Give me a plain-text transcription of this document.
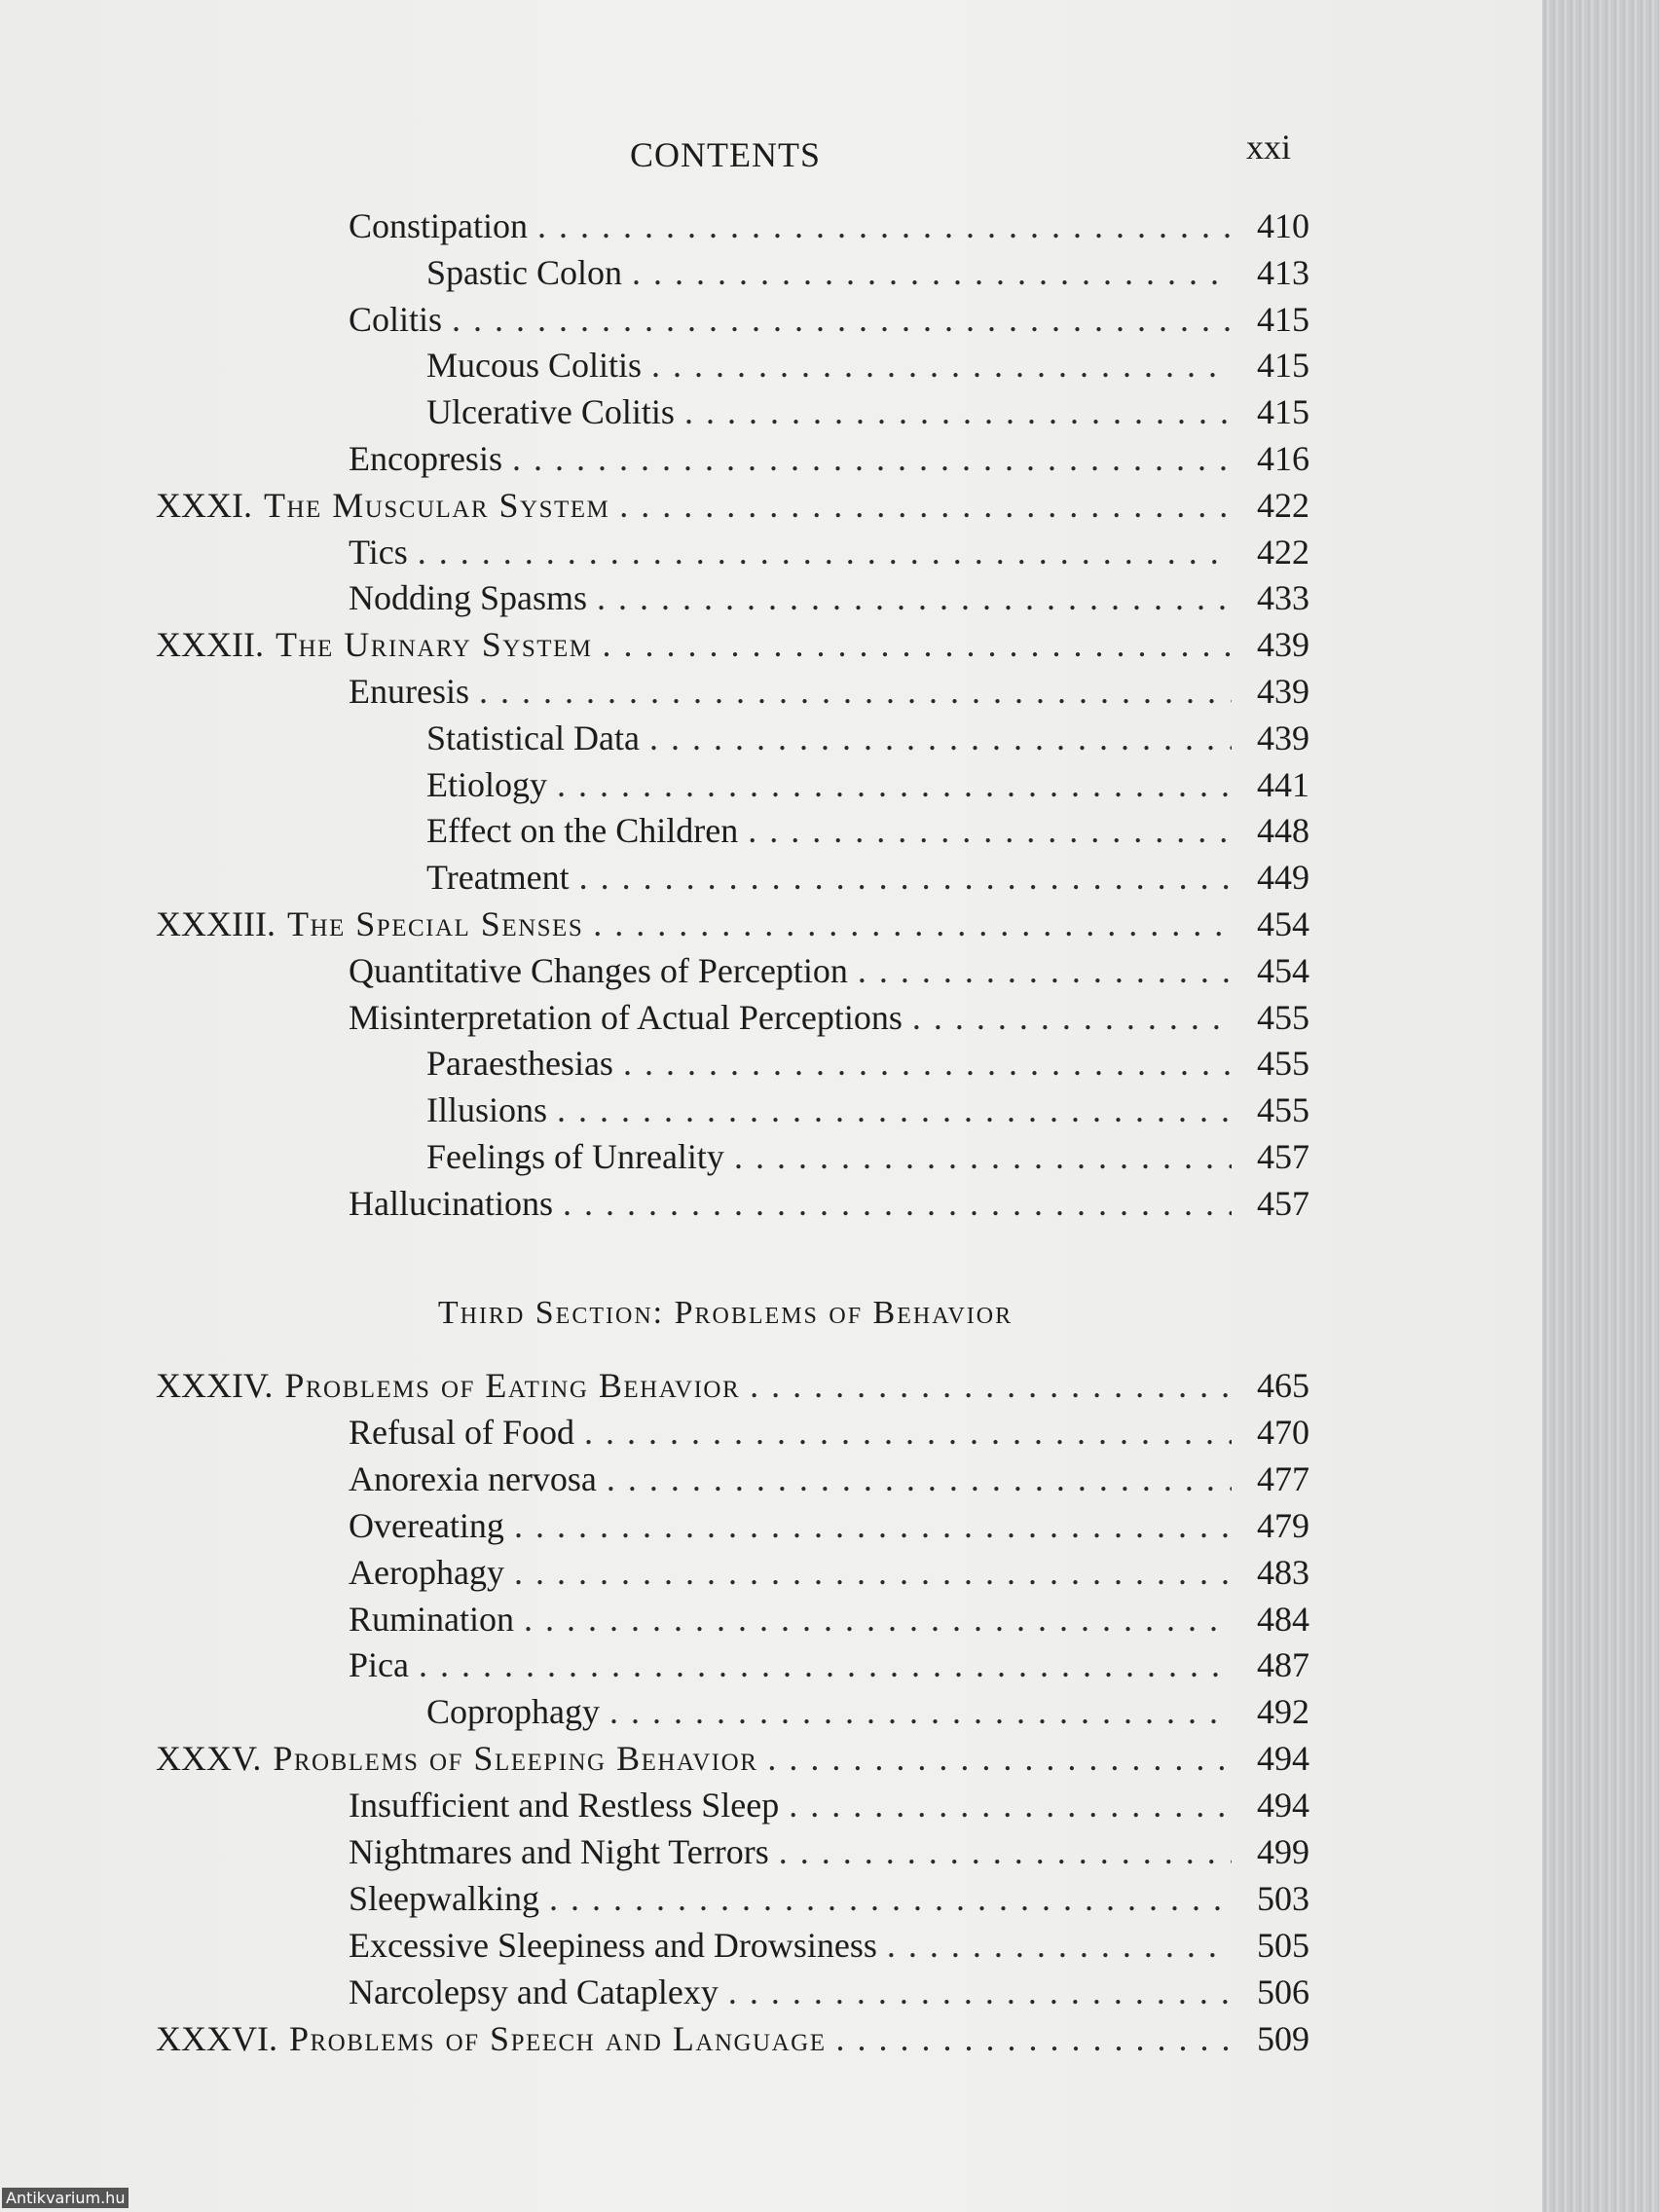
CONTENTS	xxi
Constipation . . .	410
Spastic Colon . . .	413
Colitis . . .	415
Mucous Colitis . . .	415
Ulcerative Colitis . . .	415
Encopresis . . .	416
XXXI. The Muscular System . . .	422
Tics . . .	422
Nodding Spasms . . .	433
XXXII. The Urinary System . . .	439
Enuresis . . .	439
Statistical Data . . .	439
Etiology . . .	441
Effect on the Children . . .	448
Treatment . . .	449
XXXIII. The Special Senses . . .	454
Quantitative Changes of Perception . . .	454
Misinterpretation of Actual Perceptions . . .	455
Paraesthesias . . .	455
Illusions . . .	455
Feelings of Unreality . . .	457
Hallucinations . . .	457
XXXIV. Problems of Eating Behavior . . .	465
Refusal of Food . . .	470
Anorexia nervosa . . .	477
Overeating . . .	479
Aerophagy . . .	483
Rumination . . .	484
Pica . . .	487
Coprophagy . . .	492
XXXV. Problems of Sleeping Behavior . . .	494
Insufficient and Restless Sleep . . .	494
Nightmares and Night Terrors . . .	499
Sleepwalking . . .	503
Excessive Sleepiness and Drowsiness . . .	505
Narcolepsy and Cataplexy . . .	506
XXXVI. Problems of Speech and Language . . .	509
Third Section: Problems of Behavior
Antikvarium.hu
